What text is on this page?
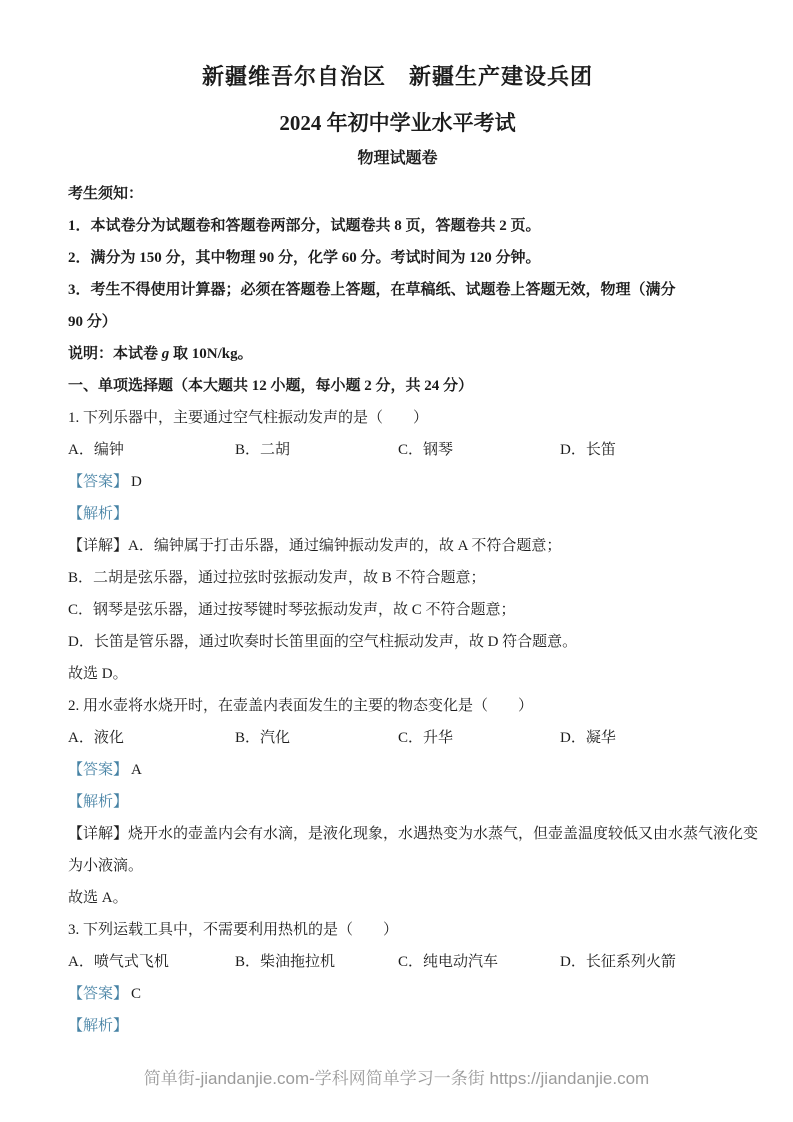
新疆维吾尔自治区　新疆生产建设兵团
2024 年初中学业水平考试
物理试题卷

考生须知：

1．本试卷分为试题卷和答题卷两部分，试题卷共 8 页，答题卷共 2 页。

2．满分为 150 分，其中物理 90 分，化学 60 分。考试时间为 120 分钟。

3．考生不得使用计算器；必须在答题卷上答题，在草稿纸、试题卷上答题无效，物理（满分

90 分）

说明：本试卷 g 取 10N/kg。

一、单项选择题（本大题共 12 小题，每小题 2 分，共 24 分）

1. 下列乐器中，主要通过空气柱振动发声的是（　　）

A．编钟	B．二胡	C．钢琴	D．长笛

【答案】 D

【解析】

【详解】A．编钟属于打击乐器，通过编钟振动发声的，故 A 不符合题意；

B．二胡是弦乐器，通过拉弦时弦振动发声，故 B 不符合题意；

C．钢琴是弦乐器，通过按琴键时琴弦振动发声，故 C 不符合题意；

D．长笛是管乐器，通过吹奏时长笛里面的空气柱振动发声，故 D 符合题意。

故选 D。

2. 用水壶将水烧开时，在壶盖内表面发生的主要的物态变化是（　　）

A．液化	B．汽化	C．升华	D．凝华

【答案】 A

【解析】

【详解】烧开水的壶盖内会有水滴，是液化现象，水遇热变为水蒸气，但壶盖温度较低又由水蒸气液化变

为小液滴。

故选 A。

3. 下列运载工具中，不需要利用热机的是（　　）

A．喷气式飞机	B．柴油拖拉机	C．纯电动汽车	D．长征系列火箭

【答案】 C

【解析】

简单街-jiandanjie.com-学科网简单学习一条街 https://jiandanjie.com
